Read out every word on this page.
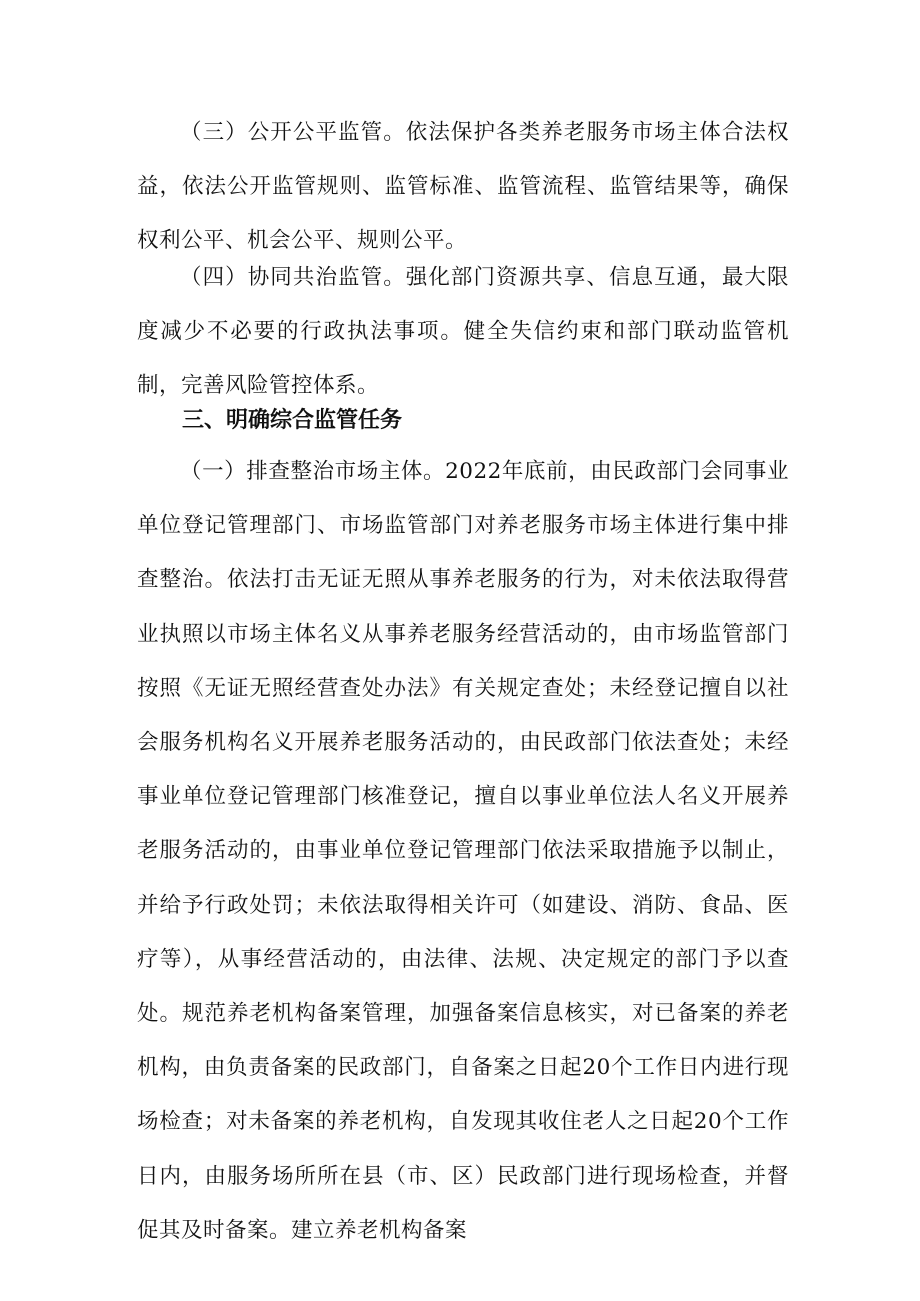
（三）公开公平监管。依法保护各类养老服务市场主体合法权益，依法公开监管规则、监管标准、监管流程、监管结果等，确保权利公平、机会公平、规则公平。

（四）协同共治监管。强化部门资源共享、信息互通，最大限度减少不必要的行政执法事项。健全失信约束和部门联动监管机制，完善风险管控体系。

三、明确综合监管任务

（一）排查整治市场主体。2022年底前，由民政部门会同事业单位登记管理部门、市场监管部门对养老服务市场主体进行集中排查整治。依法打击无证无照从事养老服务的行为，对未依法取得营业执照以市场主体名义从事养老服务经营活动的，由市场监管部门按照《无证无照经营查处办法》有关规定查处；未经登记擅自以社会服务机构名义开展养老服务活动的，由民政部门依法查处；未经事业单位登记管理部门核准登记，擅自以事业单位法人名义开展养老服务活动的，由事业单位登记管理部门依法采取措施予以制止，并给予行政处罚；未依法取得相关许可（如建设、消防、食品、医疗等），从事经营活动的，由法律、法规、决定规定的部门予以查处。规范养老机构备案管理，加强备案信息核实，对已备案的养老机构，由负责备案的民政部门，自备案之日起20个工作日内进行现场检查；对未备案的养老机构，自发现其收住老人之日起20个工作日内，由服务场所所在县（市、区）民政部门进行现场检查，并督促其及时备案。建立养老机构备案
